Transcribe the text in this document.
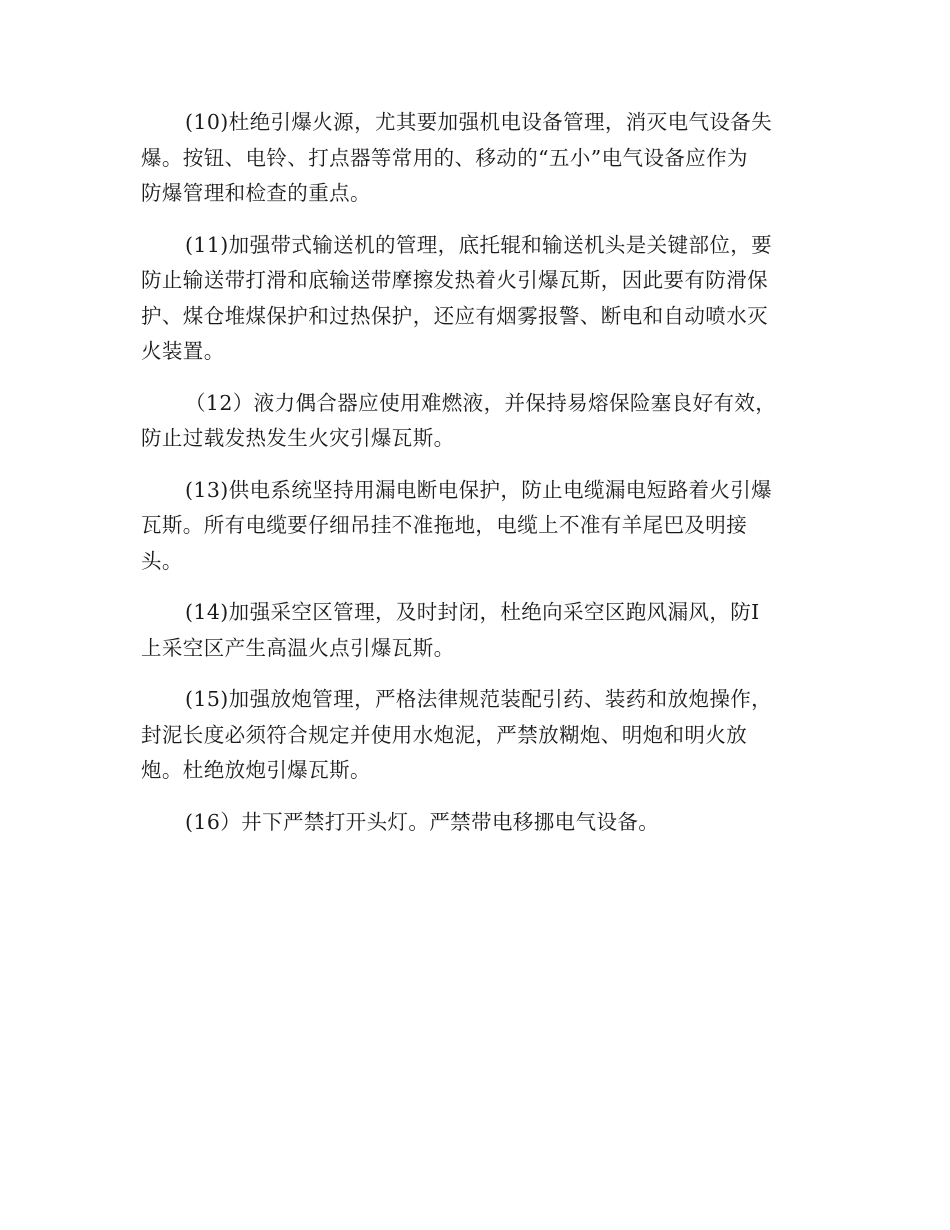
(10)杜绝引爆火源，尤其要加强机电设备管理，消灭电气设备失
爆。按钮、电铃、打点器等常用的、移动的“五小”电气设备应作为
防爆管理和检查的重点。

(11)加强带式输送机的管理，底托辊和输送机头是关键部位，要
防止输送带打滑和底输送带摩擦发热着火引爆瓦斯，因此要有防滑保
护、煤仓堆煤保护和过热保护，还应有烟雾报警、断电和自动喷水灭
火装置。

（12）液力偶合器应使用难燃液，并保持易熔保险塞良好有效，
防止过载发热发生火灾引爆瓦斯。

(13)供电系统坚持用漏电断电保护，防止电缆漏电短路着火引爆
瓦斯。所有电缆要仔细吊挂不准拖地，电缆上不准有羊尾巴及明接
头。

(14)加强采空区管理，及时封闭，杜绝向采空区跑风漏风，防I
上采空区产生高温火点引爆瓦斯。

(15)加强放炮管理，严格法律规范装配引药、装药和放炮操作，
封泥长度必须符合规定并使用水炮泥，严禁放糊炮、明炮和明火放
炮。杜绝放炮引爆瓦斯。

(16）井下严禁打开头灯。严禁带电移挪电气设备。
